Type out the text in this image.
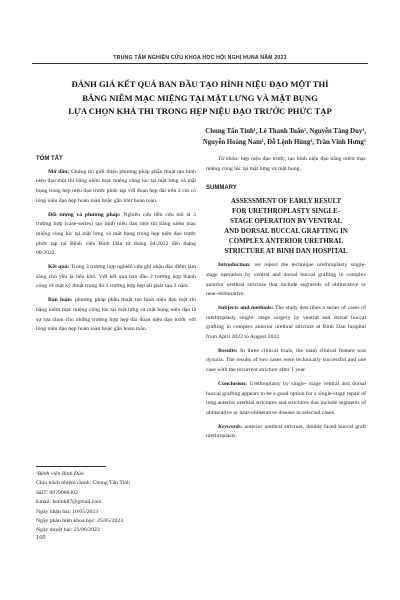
TRUNG TÂM NGHIÊN CỨU KHOA HỌC HỘI NGHỊ HUNA NĂM 2023
ĐÁNH GIÁ KẾT QUẢ BAN ĐẦU TẠO HÌNH NIỆU ĐẠO MỘT THÌ
BẰNG NIÊM MẠC MIỆNG TẠI MẶT LƯNG VÀ MẶT BỤNG
LỰA CHỌN KHÁ THI TRONG HẸP NIỆU ĐẠO TRƯỚC PHỨC TẠP
Chung Tấn Tính¹, Lê Thanh Tuấn¹, Nguyễn Tăng Duy¹,
Nguyễn Hoàng Nam¹, Đỗ Lệnh Hùng¹, Trần Vĩnh Hưng¹
TÓM TẮT

Mở đầu: Chúng tôi giới thiệu phương pháp phẫu thuật tạo hình niệu đạo một thì bằng niêm mạc miệng cùng lúc tại mặt lưng và mặt bụng trong hẹp niệu đạo trước phức tạp với đoạn hẹp dài trên 2 cm có lòng niệu đạo hẹp hoàn toàn hoặc gần như hoàn toàn.

Đối tượng và phương pháp: Nghiên cứu tiền cứu mô tả 3 trường hợp (case-series) tạo hình niệu đạo một thì bằng niêm mạc miệng cùng lúc tại mặt lưng và mặt bụng trong hẹp niệu đạo trước phức tạp tại Bệnh viện Bình Dân từ tháng 04/2022 đến tháng 08/2022.

Kết quả: Trong 3 trường hợp nghiên cứu ghi nhận đặc điểm lâm sàng chủ yếu là tiểu khó. Với kết quả ban đầu 2 trường hợp thành công về mặt kỹ thuật trong đó 1 trường hợp hẹp tái phát sau 1 năm.

Bàn luận: phương pháp phẫu thuật tạo hình niệu đạo một thì bằng niêm mạc miệng cùng lúc tại mặt lưng và mặt bụng niệu đạo là sự lựa chọn cho những trường hợp hẹp dài đoạn niệu đạo trước với lòng niệu đạo hẹp hoàn toàn hoặc gần hoàn toàn.

Từ khóa: hẹp niệu đạo trước, tạo hình niệu đạo bằng niêm mạc miệng cùng lúc tại mặt lưng và mặt bụng.

SUMMARY
ASSESSMENT OF EARLY RESULT
FOR URETHROPLASTY SINGLE-
STAGE OPERATION BY VENTRAL
AND DORSAL BUCCAL GRAFTING IN
COMPLEX ANTERIOR URETHRAL
STRICTURE AT BINH DAN HOSPITAL

Introduction: we report the technique urethroplasty single- stage operation by ventral and dorsal buccal grafting in complex anterior urethral stricture that include segments of obliterative or near-obliterative.

Subjects and methods: The study describes a series of cases of urethroplasty single- stage surgery by ventral and dorsal buccal grafting in complex anterior urethral stricture at Binh Dan hospital from April 2022 to August 2022.

Results: In three clinical trials, the main clinical feature was dysuria. The results of two cases were technically successful and one case with the recurrent stricture after 1 year.

Conclusion: Urethroplasty by single- stage ventral and dorsal buccal grafting appears to be a good option for a single-stage repair of long anterior urethral strictures and strictures that include segments of obliterative or near-obliterative disease in selected cases.

Keywords: anterior urethral stricture, double faced buccal graft urethroplasty.

¹Bệnh viện Bình Dân
Chịu trách nhiệm chính: Chung Tấn Tính
SĐT: 0979060302
Email: bstinh87@gmail.com
Ngày nhận bài: 10/05/2023
Ngày phản biện khoa học: 25/05/2023
Ngày duyệt bài: 21/06/2023
160
